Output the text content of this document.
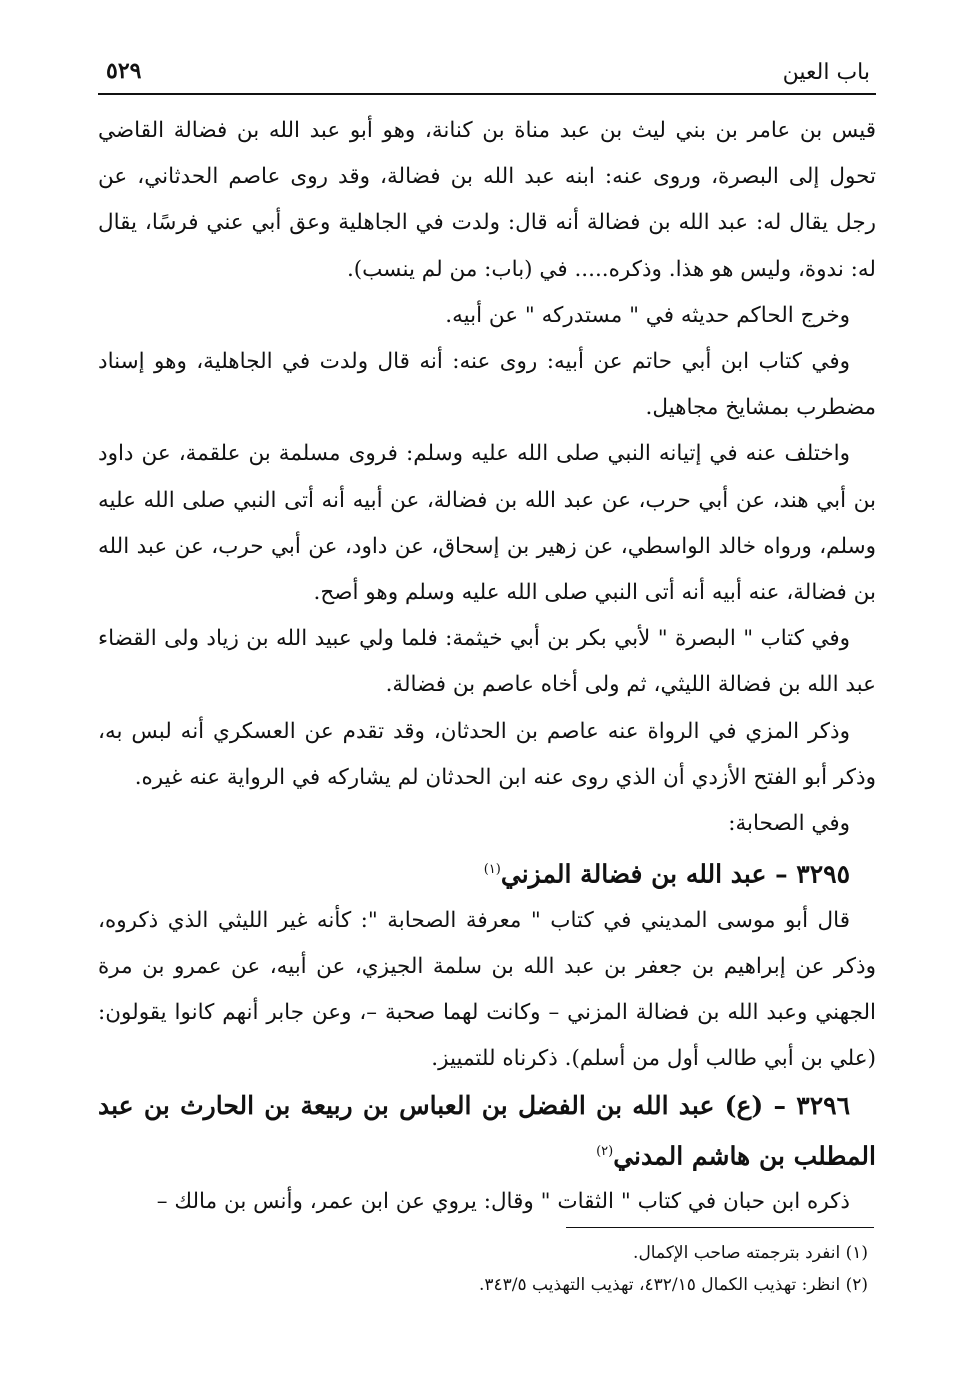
باب العين
٥٢٩

قيس بن عامر بن بني ليث بن عبد مناة بن كنانة، وهو أبو عبد الله بن فضالة القاضي تحول إلى البصرة، وروى عنه: ابنه عبد الله بن فضالة، وقد روى عاصم الحدثاني، عن رجل يقال له: عبد الله بن فضالة أنه قال: ولدت في الجاهلية وعق أبي عني فرسًا، يقال له: ندوة، وليس هو هذا. وذكره..... في (باب: من لم ينسب).

وخرج الحاكم حديثه في " مستدركه " عن أبيه.

وفي كتاب ابن أبي حاتم عن أبيه: روى عنه: أنه قال ولدت في الجاهلية، وهو إسناد مضطرب بمشايخ مجاهيل.

واختلف عنه في إتيانه النبي صلى الله عليه وسلم: فروى مسلمة بن علقمة، عن داود بن أبي هند، عن أبي حرب، عن عبد الله بن فضالة، عن أبيه أنه أتى النبي صلى الله عليه وسلم، ورواه خالد الواسطي، عن زهير بن إسحاق، عن داود، عن أبي حرب، عن عبد الله بن فضالة، عنه أبيه أنه أتى النبي صلى الله عليه وسلم وهو أصح.

وفي كتاب " البصرة " لأبي بكر بن أبي خيثمة: فلما ولي عبيد الله بن زياد ولى القضاء عبد الله بن فضالة الليثي، ثم ولى أخاه عاصم بن فضالة.

وذكر المزي في الرواة عنه عاصم بن الحدثان، وقد تقدم عن العسكري أنه لبس به، وذكر أبو الفتح الأزدي أن الذي روى عنه ابن الحدثان لم يشاركه في الرواية عنه غيره.

وفي الصحابة:

٣٢٩٥ – عبد الله بن فضالة المزني$^{(١)}$

قال أبو موسى المديني في كتاب " معرفة الصحابة ": كأنه غير الليثي الذي ذكروه، وذكر عن إبراهيم بن جعفر بن عبد الله بن سلمة الجيزي، عن أبيه، عن عمرو بن مرة الجهني وعبد الله بن فضالة المزني – وكانت لهما صحبة –، وعن جابر أنهم كانوا يقولون: (علي بن أبي طالب أول من أسلم). ذكرناه للتمييز.

٣٢٩٦ – (ع) عبد الله بن الفضل بن العباس بن ربيعة بن الحارث بن عبد المطلب بن هاشم المدني$^{(٢)}$

ذكره ابن حبان في كتاب " الثقات " وقال: يروي عن ابن عمر، وأنس بن مالك –

(١) انفرد بترجمته صاحب الإكمال.

(٢) انظر: تهذيب الكمال ٤٣٢/١٥، تهذيب التهذيب ٣٤٣/٥.
